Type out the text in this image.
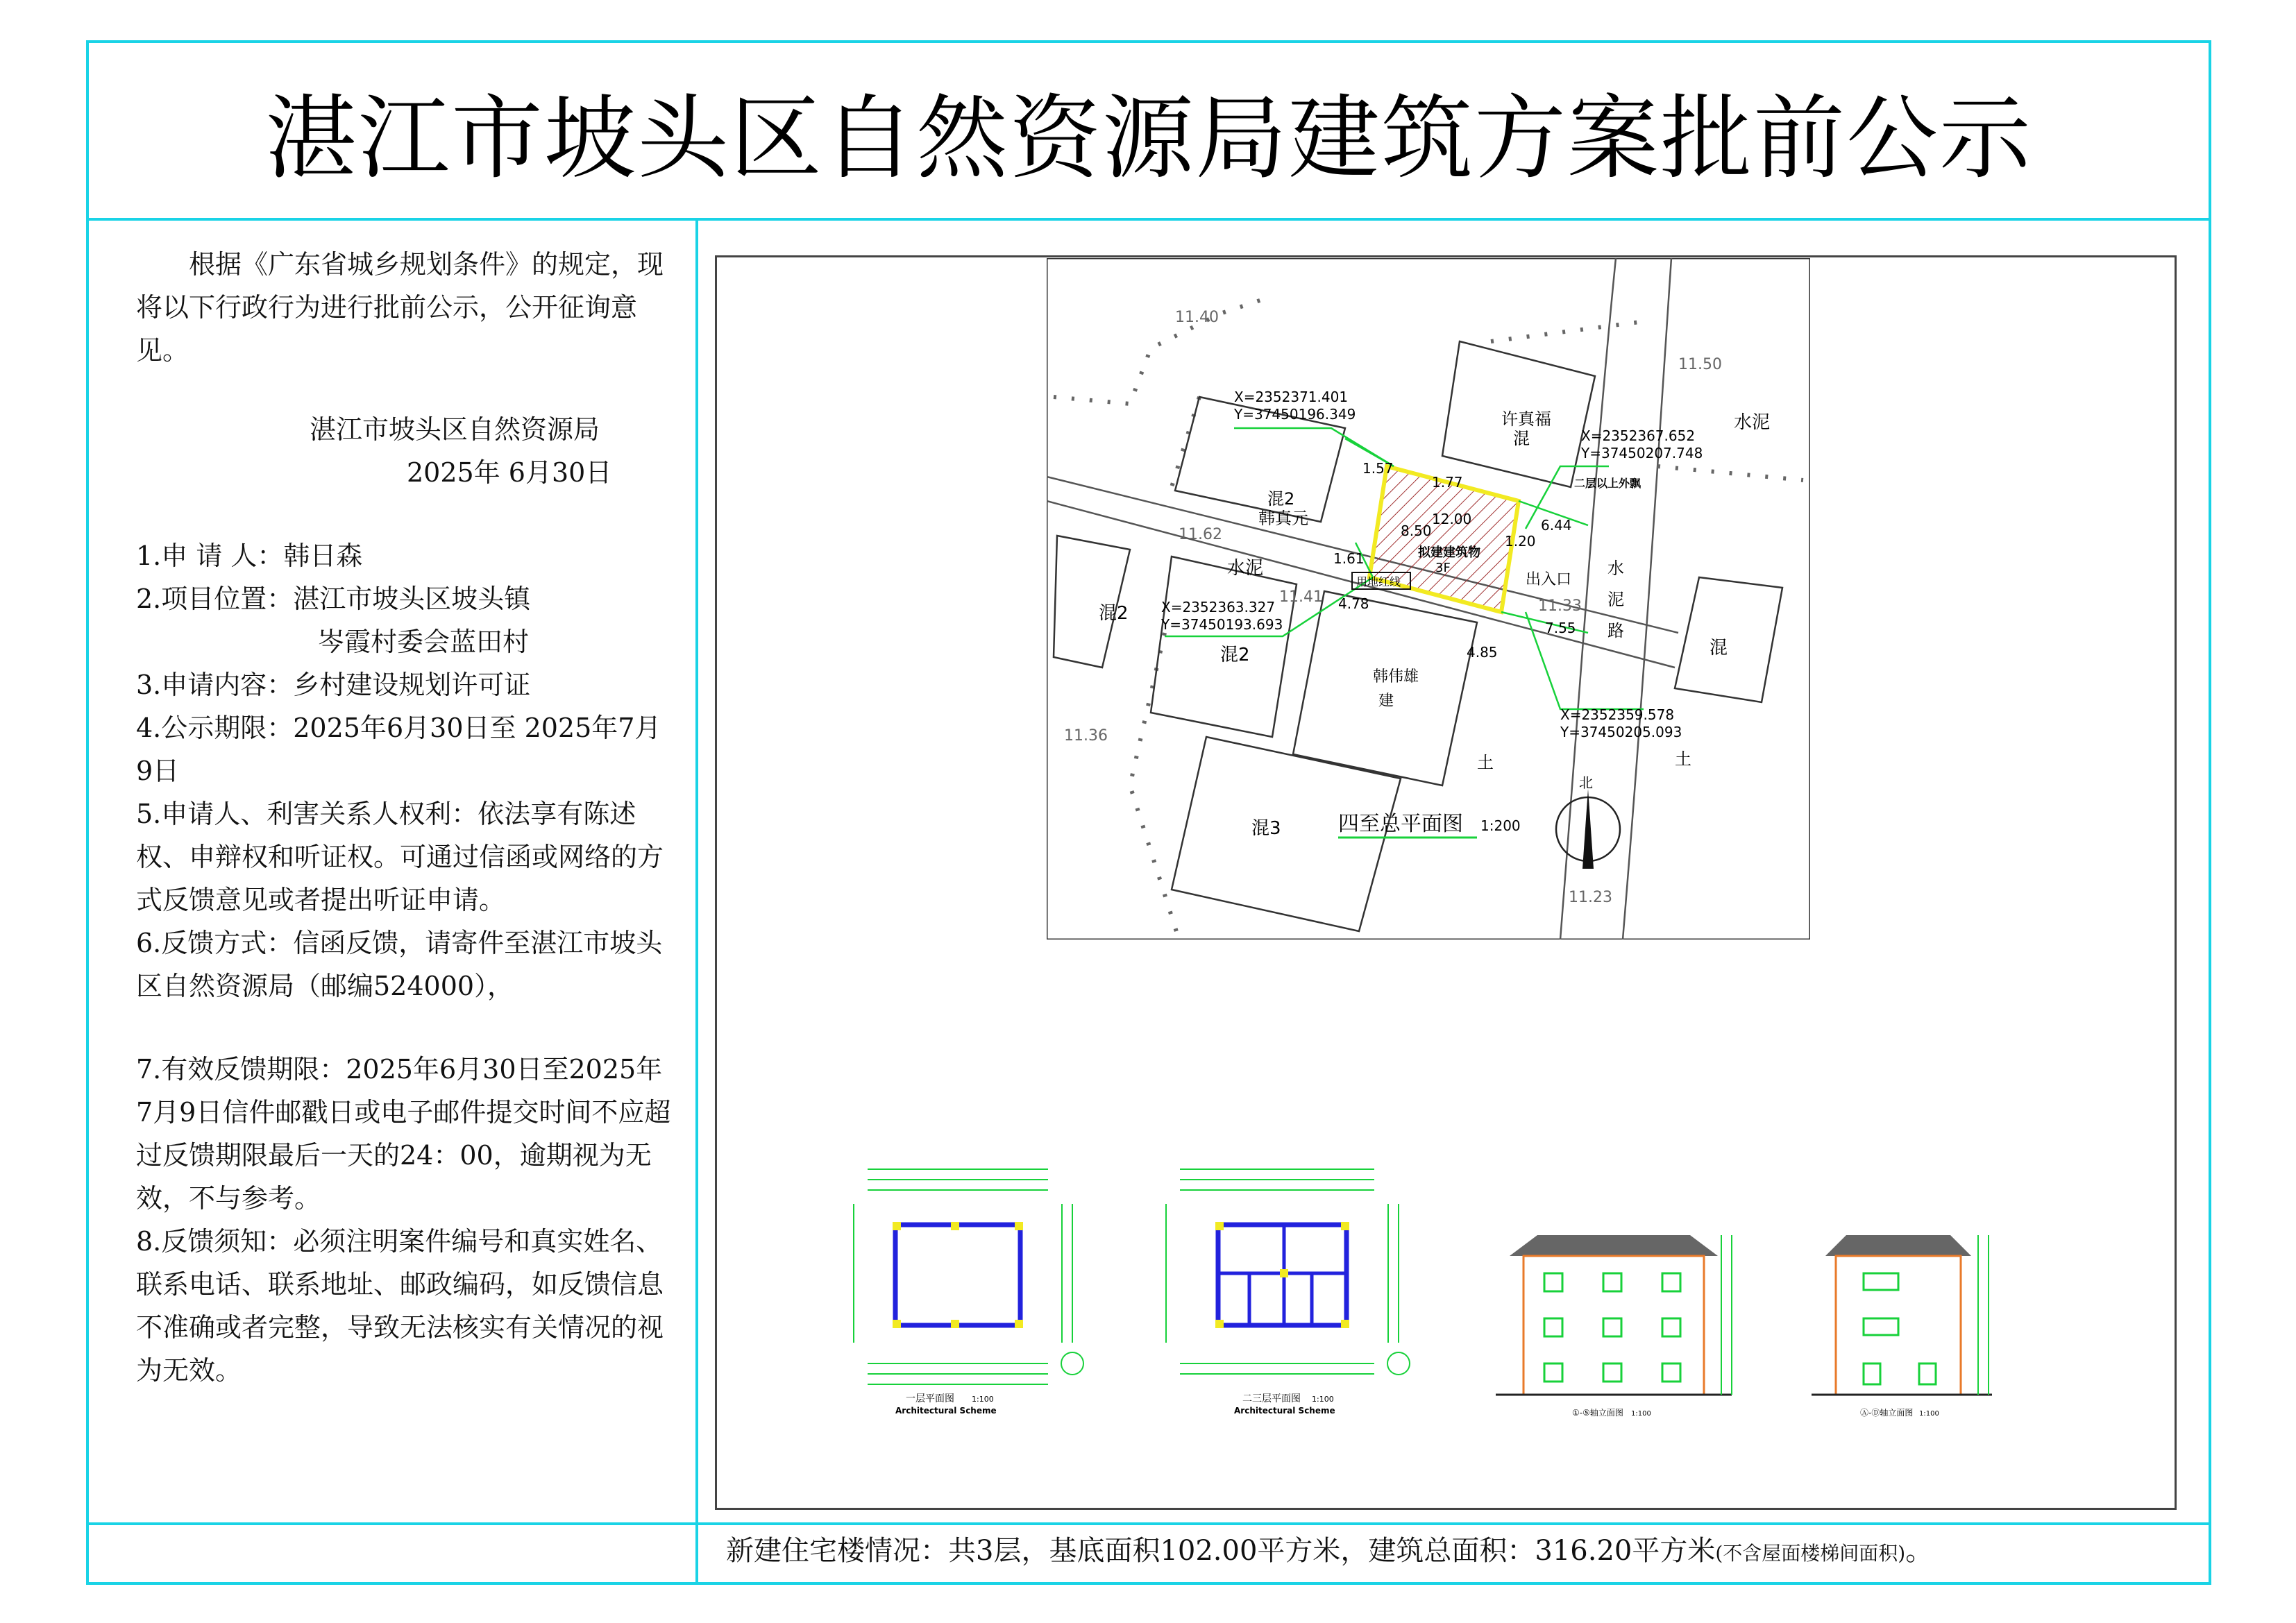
湛江市坡头区自然资源局建筑方案批前公示

根据《广东省城乡规划条件》的规定，现 将以下行政行为进行批前公示，公开征询意见。

湛江市坡头区自然资源局

2025年 6月30日

1.申 请 人：韩日森

2.项目位置：湛江市坡头区坡头镇

岑霞村委会蓝田村

3.申请内容：乡村建设规划许可证

4.公示期限：2025年6月30日至 2025年7月 9日

5.申请人、利害关系人权利：依法享有陈述权、申辩权和听证权。可通过信函或网络的方式反馈意见或者提出听证申请。

6.反馈方式：信函反馈，请寄件至湛江市坡头区自然资源局（邮编524000），

7.有效反馈期限：2025年6月30日至2025年7月9日信件邮戳日或电子邮件提交时间不应超过反馈期限最后一天的24：00，逾期视为无效，不与参考。

8.反馈须知：必须注明案件编号和真实姓名、联系电话、联系地址、邮政编码，如反馈信息不准确或者完整，导致无法核实有关情况的视为无效。

北
11.40
11.50
11.62
11.41
11.33
11.36
11.23
X=2352371.401
Y=37450196.349
X=2352367.652
Y=37450207.748
X=2352363.327
Y=37450193.693
X=2352359.578
Y=37450205.093
1.57
1.77
8.50
12.00
1.20
6.44
1.61
4.78
7.55
4.85
许真福
混
混2
韩真元
水泥	水
泥
路
水泥
混2
混2	混
韩伟雄
建
混3
土	土
拟建建筑物
3F
出入口
二层以上外飘
用地红线
四至总平面图 1:200
一层平面图 1:100
Architectural Scheme
二三层平面图 1:100
Architectural Scheme	①-⑤轴立面图 1:100	Ⓐ-Ⓓ轴立面图 1:100
新建住宅楼情况：共3层，基底面积102.00平方米，建筑总面积：316.20平方米(不含屋面楼梯间面积)。
